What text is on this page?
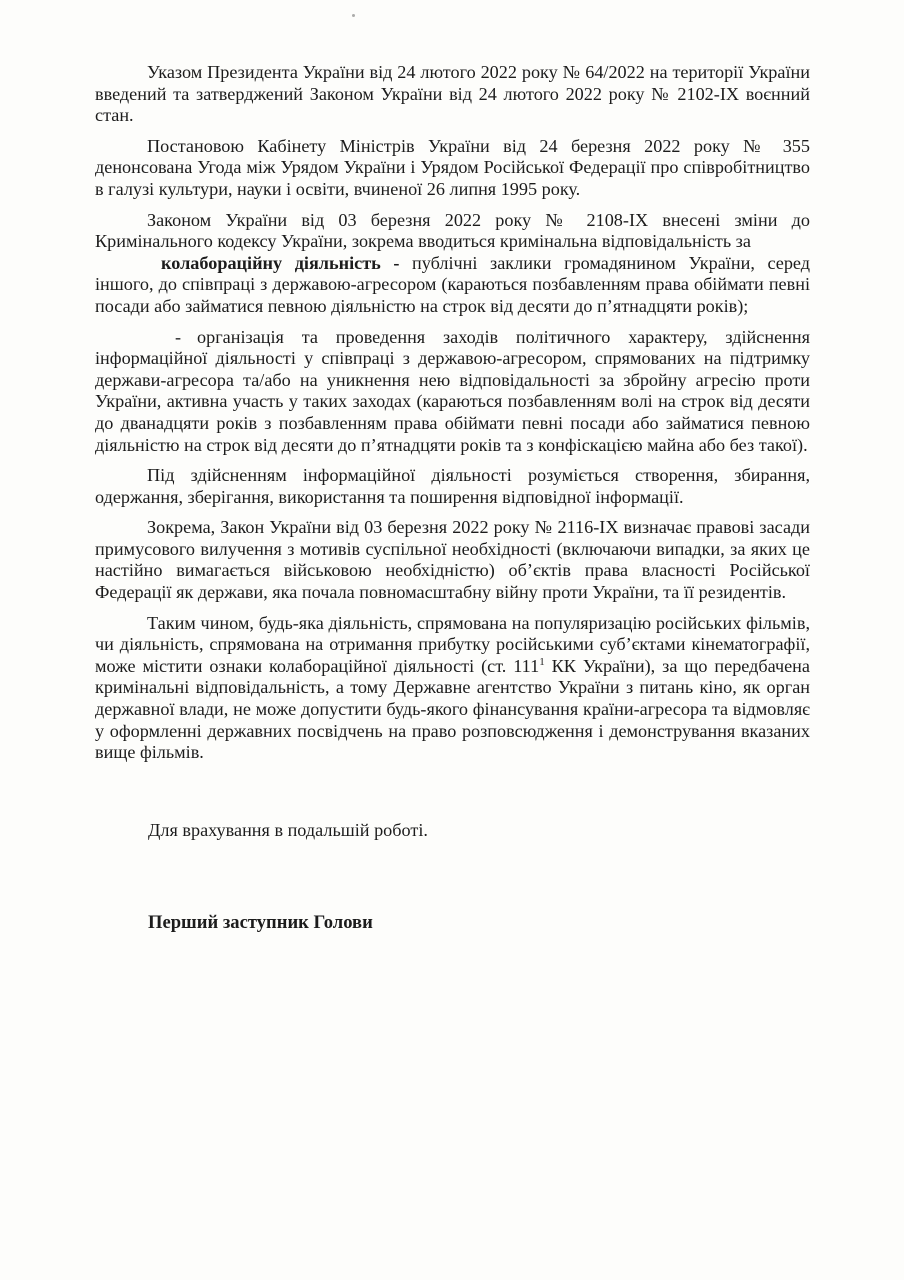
Указом Президента України від 24 лютого 2022 року № 64/2022 на території України введений та затверджений Законом України від 24 лютого 2022 року № 2102-IX воєнний стан.

Постановою Кабінету Міністрів України від 24 березня 2022 року № 355 денонсована Угода між Урядом України і Урядом Російської Федерації про співробітництво в галузі культури, науки і освіти, вчиненої 26 липня 1995 року.

Законом України від 03 березня 2022 року № 2108-IX внесені зміни до Кримінального кодексу України, зокрема вводиться кримінальна відповідальність за

колабораційну діяльність - публічні заклики громадянином України, серед іншого, до співпраці з державою-агресором (караються позбавленням права обіймати певні посади або займатися певною діяльністю на строк від десяти до п’ятнадцяти років);

- організація та проведення заходів політичного характеру, здійснення інформаційної діяльності у співпраці з державою-агресором, спрямованих на підтримку держави-агресора та/або на уникнення нею відповідальності за збройну агресію проти України, активна участь у таких заходах (караються позбавленням волі на строк від десяти до дванадцяти років з позбавленням права обіймати певні посади або займатися певною діяльністю на строк від десяти до п’ятнадцяти років та з конфіскацією майна або без такої).

Під здійсненням інформаційної діяльності розуміється створення, збирання, одержання, зберігання, використання та поширення відповідної інформації.

Зокрема, Закон України від 03 березня 2022 року № 2116-IX визначає правові засади примусового вилучення з мотивів суспільної необхідності (включаючи випадки, за яких це настійно вимагається військовою необхідністю) об’єктів права власності Російської Федерації як держави, яка почала повномасштабну війну проти України, та її резидентів.

Таким чином, будь-яка діяльність, спрямована на популяризацію російських фільмів, чи діяльність, спрямована на отримання прибутку російськими суб’єктами кінематографії, може містити ознаки колабораційної діяльності (ст. $111^1$ КК України), за що передбачена кримінальні відповідальність, а тому Державне агентство України з питань кіно, як орган державної влади, не може допустити будь-якого фінансування країни-агресора та відмовляє у оформленні державних посвідчень на право розповсюдження і демонстрування вказаних вище фільмів.

Для врахування в подальшій роботі.
Перший заступник Голови
